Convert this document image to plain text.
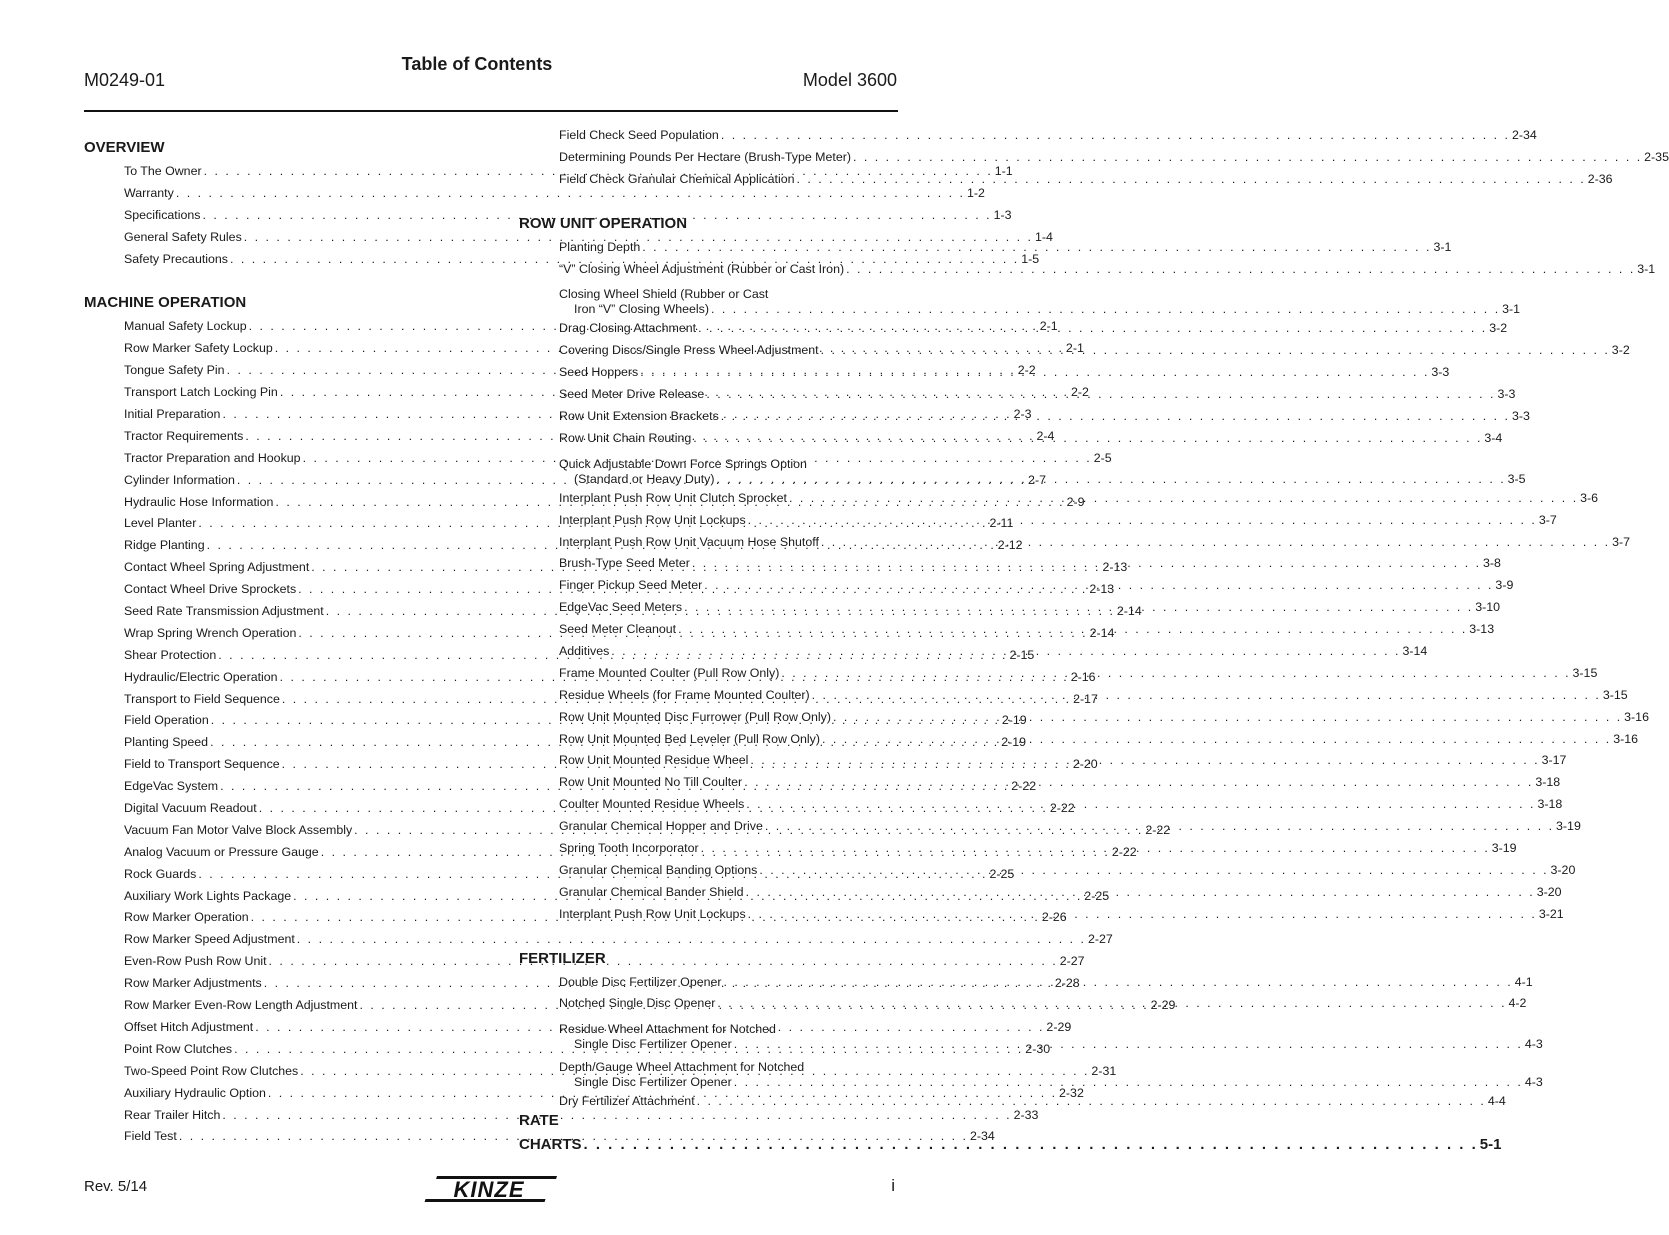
Table of Contents
M0249-01	Model 3600
OVERVIEW
To The Owner . . .	1-1
Warranty . . .	1-2
Specifications . . .	1-3
General Safety Rules . . .	1-4
Safety Precautions . . .	1-5
MACHINE OPERATION
Manual Safety Lockup . . .	2-1
Row Marker Safety Lockup . . .	2-1
Tongue Safety Pin . . .	2-2
Transport Latch Locking Pin . . .	2-2
Initial Preparation . . .	2-3
Tractor Requirements . . .	2-4
Tractor Preparation and Hookup . . .	2-5
Cylinder Information . . .	2-7
Hydraulic Hose Information . . .	2-9
Level Planter . . .	2-11
Ridge Planting . . .	2-12
Contact Wheel Spring Adjustment . . .	2-13
Contact Wheel Drive Sprockets . . .	2-13
Seed Rate Transmission Adjustment . . .	2-14
Wrap Spring Wrench Operation . . .	2-14
Shear Protection . . .	2-15
Hydraulic/Electric Operation . . .	2-16
Transport to Field Sequence . . .	2-17
Field Operation . . .	2-19
Planting Speed . . .	2-19
Field to Transport Sequence . . .	2-20
EdgeVac System . . .	2-22
Digital Vacuum Readout . . .	2-22
Vacuum Fan Motor Valve Block Assembly . . .	2-22
Analog Vacuum or Pressure Gauge . . .	2-22
Rock Guards . . .	2-25
Auxiliary Work Lights Package . . .	2-25
Row Marker Operation . . .	2-26
Row Marker Speed Adjustment . . .	2-27
Even-Row Push Row Unit . . .	2-27
Row Marker Adjustments . . .	2-28
Row Marker Even-Row Length Adjustment . . .	2-29
Offset Hitch Adjustment . . .	2-29
Point Row Clutches . . .	2-30
Two-Speed Point Row Clutches . . .	2-31
Auxiliary Hydraulic Option . . .	2-32
Rear Trailer Hitch . . .	2-33
Field Test . . .	2-34
Field Check Seed Population . . .	2-34
Determining Pounds Per Hectare (Brush-Type Meter) . . .	2-35
Field Check Granular Chemical Application . . .	2-36
ROW UNIT OPERATION
Planting Depth . . .	3-1
“V” Closing Wheel Adjustment (Rubber or Cast Iron) . . .	3-1
Closing Wheel Shield (Rubber or Cast
Iron “V” Closing Wheels) . . .	3-1
Drag Closing Attachment . . .	3-2
Covering Discs/Single Press Wheel Adjustment . . .	3-2
Seed Hoppers . . .	3-3
Seed Meter Drive Release . . .	3-3
Row Unit Extension Brackets . . .	3-3
Row Unit Chain Routing . . .	3-4
Quick Adjustable Down Force Springs Option
(Standard or Heavy Duty) . . .	3-5
Interplant Push Row Unit Clutch Sprocket . . .	3-6
Interplant Push Row Unit Lockups . . .	3-7
Interplant Push Row Unit Vacuum Hose Shutoff . . .	3-7
Brush-Type Seed Meter . . .	3-8
Finger Pickup Seed Meter . . .	3-9
EdgeVac Seed Meters . . .	3-10
Seed Meter Cleanout . . .	3-13
Additives . . .	3-14
Frame Mounted Coulter (Pull Row Only) . . .	3-15
Residue Wheels (for Frame Mounted Coulter) . . .	3-15
Row Unit Mounted Disc Furrower (Pull Row Only) . . .	3-16
Row Unit Mounted Bed Leveler (Pull Row Only) . . .	3-16
Row Unit Mounted Residue Wheel . . .	3-17
Row Unit Mounted No Till Coulter . . .	3-18
Coulter Mounted Residue Wheels . . .	3-18
Granular Chemical Hopper and Drive . . .	3-19
Spring Tooth Incorporator . . .	3-19
Granular Chemical Banding Options . . .	3-20
Granular Chemical Bander Shield . . .	3-20
Interplant Push Row Unit Lockups . . .	3-21
FERTILIZER
Double Disc Fertilizer Opener . . .	4-1
Notched Single Disc Opener . . .	4-2
Residue Wheel Attachment for Notched
Single Disc Fertilizer Opener . . .	4-3
Depth/Gauge Wheel Attachment for Notched
Single Disc Fertilizer Opener . . .	4-3
Dry Fertilizer Attachment . . .	4-4
RATE CHARTS . . .	5-1
Rev. 5/14	i
KINZE
